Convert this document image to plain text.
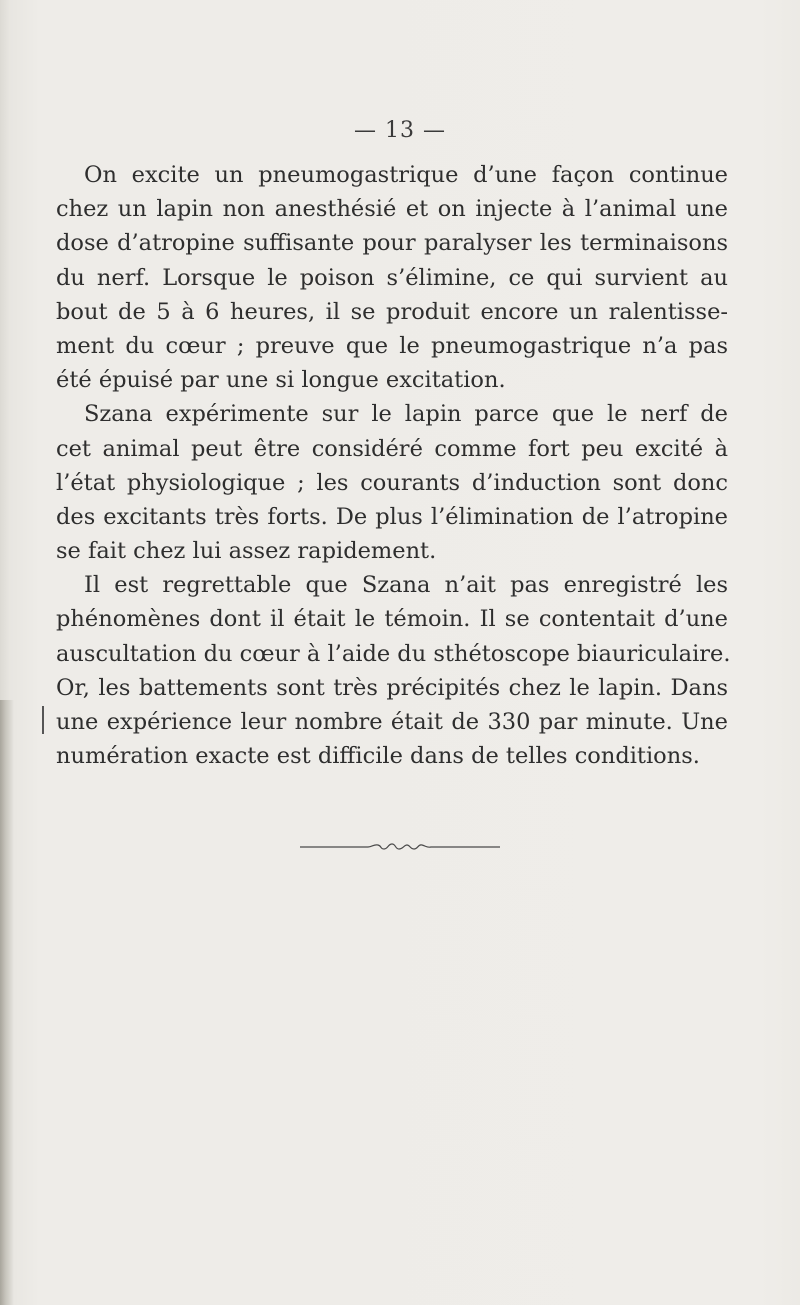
— 13 —
On excite un pneumogastrique d’une façon continue
chez un lapin non anesthésié et on injecte à l’animal une
dose d’atropine suffisante pour paralyser les terminaisons
du nerf. Lorsque le poison s’élimine, ce qui survient au
bout de 5 à 6 heures, il se produit encore un ralentisse-
ment du cœur ; preuve que le pneumogastrique n’a pas
été épuisé par une si longue excitation.
Szana expérimente sur le lapin parce que le nerf de
cet animal peut être considéré comme fort peu excité à
l’état physiologique ; les courants d’induction sont donc
des excitants très forts. De plus l’élimination de l’atropine
se fait chez lui assez rapidement.
Il est regrettable que Szana n’ait pas enregistré les
phénomènes dont il était le témoin. Il se contentait d’une
auscultation du cœur à l’aide du sthétoscope biauriculaire.
Or, les battements sont très précipités chez le lapin. Dans
une expérience leur nombre était de 330 par minute. Une
numération exacte est difficile dans de telles conditions.
